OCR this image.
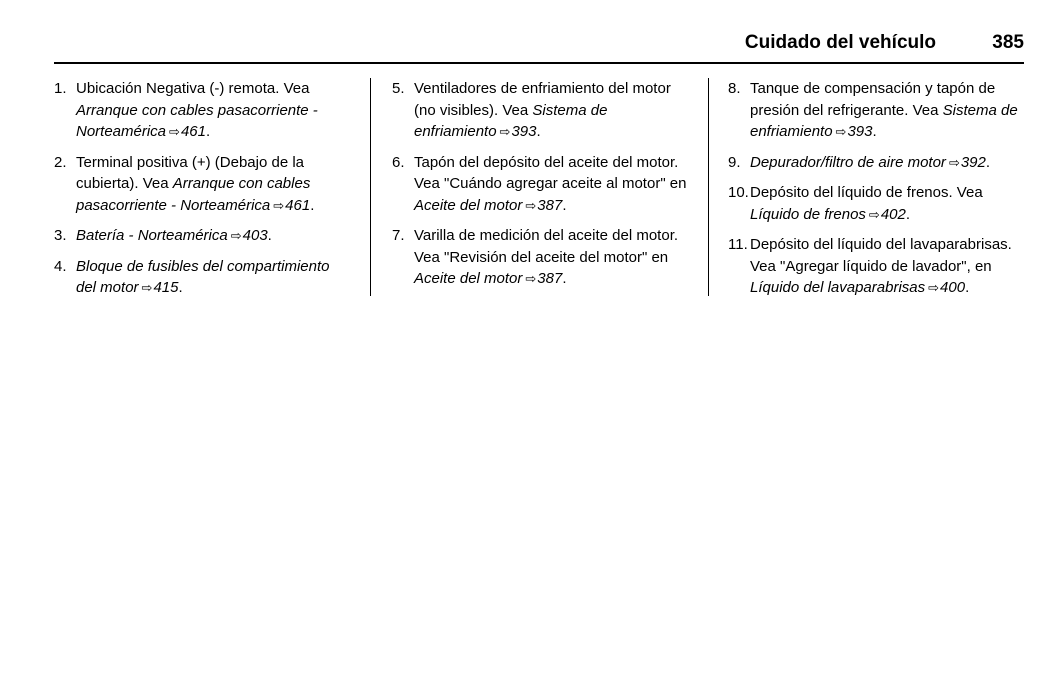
Cuidado del vehículo	385
1. Ubicación Negativa (-) remota. Vea Arranque con cables pasacorriente - Norteamérica ⇨461.
2. Terminal positiva (+) (Debajo de la cubierta). Vea Arranque con cables pasacorriente - Norteamérica ⇨461.
3. Batería - Norteamérica ⇨403.
4. Bloque de fusibles del compartimiento del motor ⇨415.
5. Ventiladores de enfriamiento del motor (no visibles). Vea Sistema de enfriamiento ⇨393.
6. Tapón del depósito del aceite del motor. Vea "Cuándo agregar aceite al motor" en Aceite del motor ⇨387.
7. Varilla de medición del aceite del motor. Vea "Revisión del aceite del motor" en Aceite del motor ⇨387.
8. Tanque de compensación y tapón de presión del refrigerante. Vea Sistema de enfriamiento ⇨393.
9. Depurador/filtro de aire motor ⇨392.
10. Depósito del líquido de frenos. Vea Líquido de frenos ⇨402.
11. Depósito del líquido del lavaparabrisas. Vea "Agregar líquido de lavador", en Líquido del lavaparabrisas ⇨400.
